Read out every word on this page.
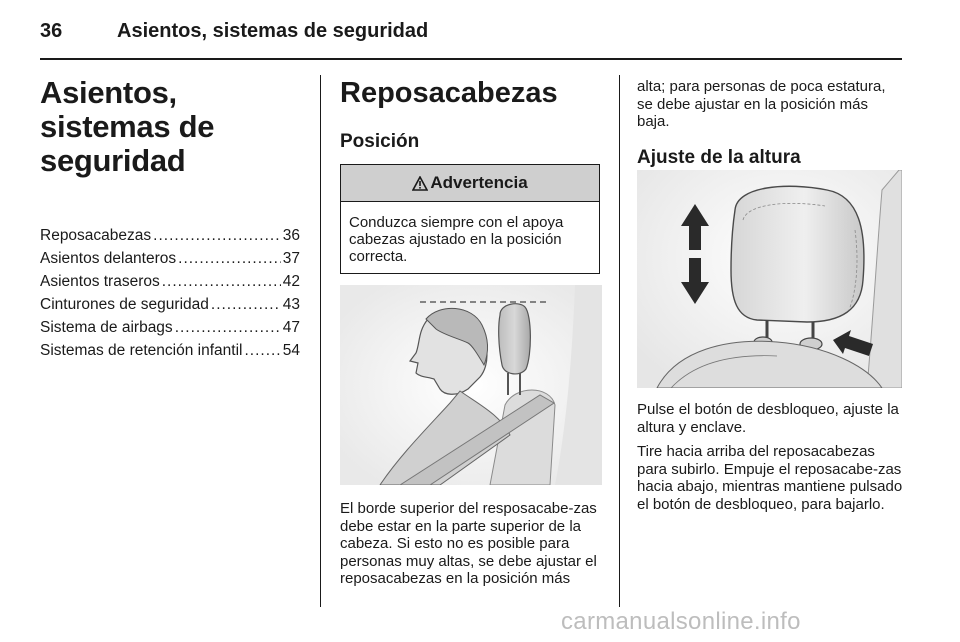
36	Asientos, sistemas de seguridad
Asientos, sistemas de
seguridad
Reposacabezas .....	36
Asientos delanteros .....	37
Asientos traseros .....	42
Cinturones de seguridad .....	43
Sistema de airbags .....	47
Sistemas de retención infantil .....	54
Reposacabezas
Posición
Advertencia
Conduzca siempre con el apoya cabezas ajustado en la posición correcta.

El borde superior del resposacabe-zas debe estar en la parte superior de la cabeza. Si esto no es posible para personas muy altas, se debe ajustar el reposacabezas en la posición más

alta; para personas de poca estatura, se debe ajustar en la posición más baja.

Ajuste de la altura

Pulse el botón de desbloqueo, ajuste la altura y enclave.

Tire hacia arriba del reposacabezas para subirlo. Empuje el reposacabe-zas hacia abajo, mientras mantiene pulsado el botón de desbloqueo, para bajarlo.

carmanualsonline.info
